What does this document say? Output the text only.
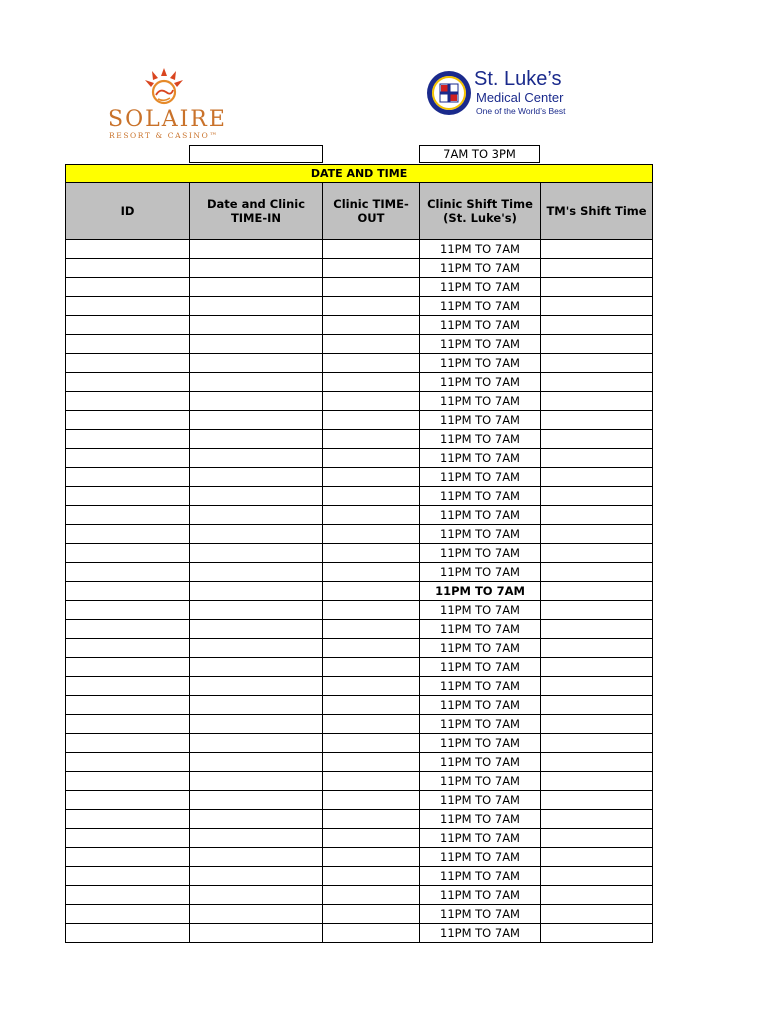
SOLAIRE
RESORT & CASINO™
St. Luke’s
Medical Center
One of the World’s Best
7AM TO 3PM
DATE AND TIME				
ID	Date and Clinic TIME-IN	Clinic TIME-OUT	Clinic Shift Time (St. Luke's)	TM's Shift Time
			11PM TO 7AM	
			11PM TO 7AM	
			11PM TO 7AM	
			11PM TO 7AM	
			11PM TO 7AM	
			11PM TO 7AM	
			11PM TO 7AM	
			11PM TO 7AM	
			11PM TO 7AM	
			11PM TO 7AM	
			11PM TO 7AM	
			11PM TO 7AM	
			11PM TO 7AM	
			11PM TO 7AM	
			11PM TO 7AM	
			11PM TO 7AM	
			11PM TO 7AM	
			11PM TO 7AM	
			11PM TO 7AM	
			11PM TO 7AM	
			11PM TO 7AM	
			11PM TO 7AM	
			11PM TO 7AM	
			11PM TO 7AM	
			11PM TO 7AM	
			11PM TO 7AM	
			11PM TO 7AM	
			11PM TO 7AM	
			11PM TO 7AM	
			11PM TO 7AM	
			11PM TO 7AM	
			11PM TO 7AM	
			11PM TO 7AM	
			11PM TO 7AM	
			11PM TO 7AM	
			11PM TO 7AM	
			11PM TO 7AM	
